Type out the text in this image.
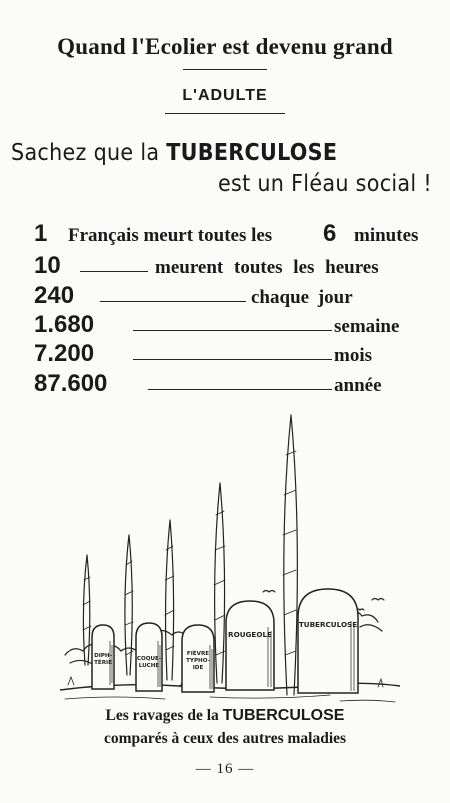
Quand l'Ecolier est devenu grand
L'ADULTE
Sachez que la TUBERCULOSE
est un Fléau social !
1 Français meurt toutes les 6 minutes
10	meurent toutes les heures
240	chaque jour
1.680	semaine
7.200	mois
87.600	année
DIPH-
TÉRIE
COQUE-
LUCHE
FIÈVRE
TYPHO-
IDE
ROUGEOLE
TUBERCULOSE
Les ravages de la TUBERCULOSE
comparés à ceux des autres maladies
— 16 —
